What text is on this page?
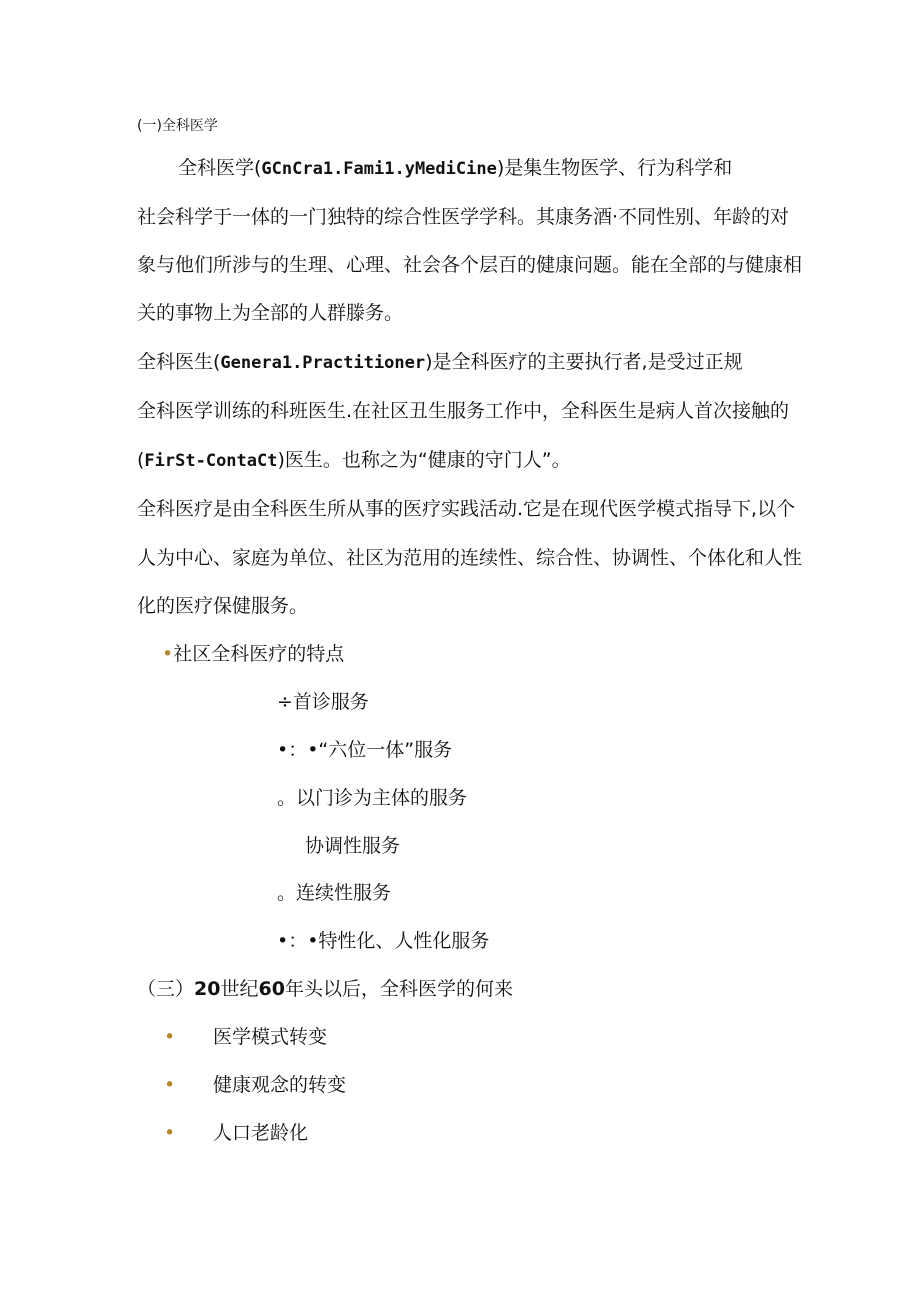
(一)全科医学
全科医学(GCnCra1.Fami1.yMediCine)是集生物医学、行为科学和
社会科学于一体的一门独特的综合性医学学科。其康务酒·不同性别、年龄的对
象与他们所涉与的生理、心理、社会各个层百的健康问题。能在全部的与健康相
关的事物上为全部的人群滕务。
全科医生(Genera1.Practitioner)是全科医疗的主要执行者,是受过正规
全科医学训练的科班医生.在社区丑生服务工作中，全科医生是病人首次接触的
(FirSt-ContaCt)医生。也称之为“健康的守门人”。
全科医疗是由全科医生所从事的医疗实践活动.它是在现代医学模式指导下,以个
人为中心、家庭为单位、社区为范用的连续性、综合性、协调性、个体化和人性
化的医疗保健服务。
•社区全科医疗的特点
÷首诊服务
•：•“六位一体”服务
。以门诊为主体的服务
协调性服务
。连续性服务
•：•特性化、人性化服务
（三）20世纪60年头以后，全科医学的何来
• 医学模式转变
• 健康观念的转变
• 人口老龄化
